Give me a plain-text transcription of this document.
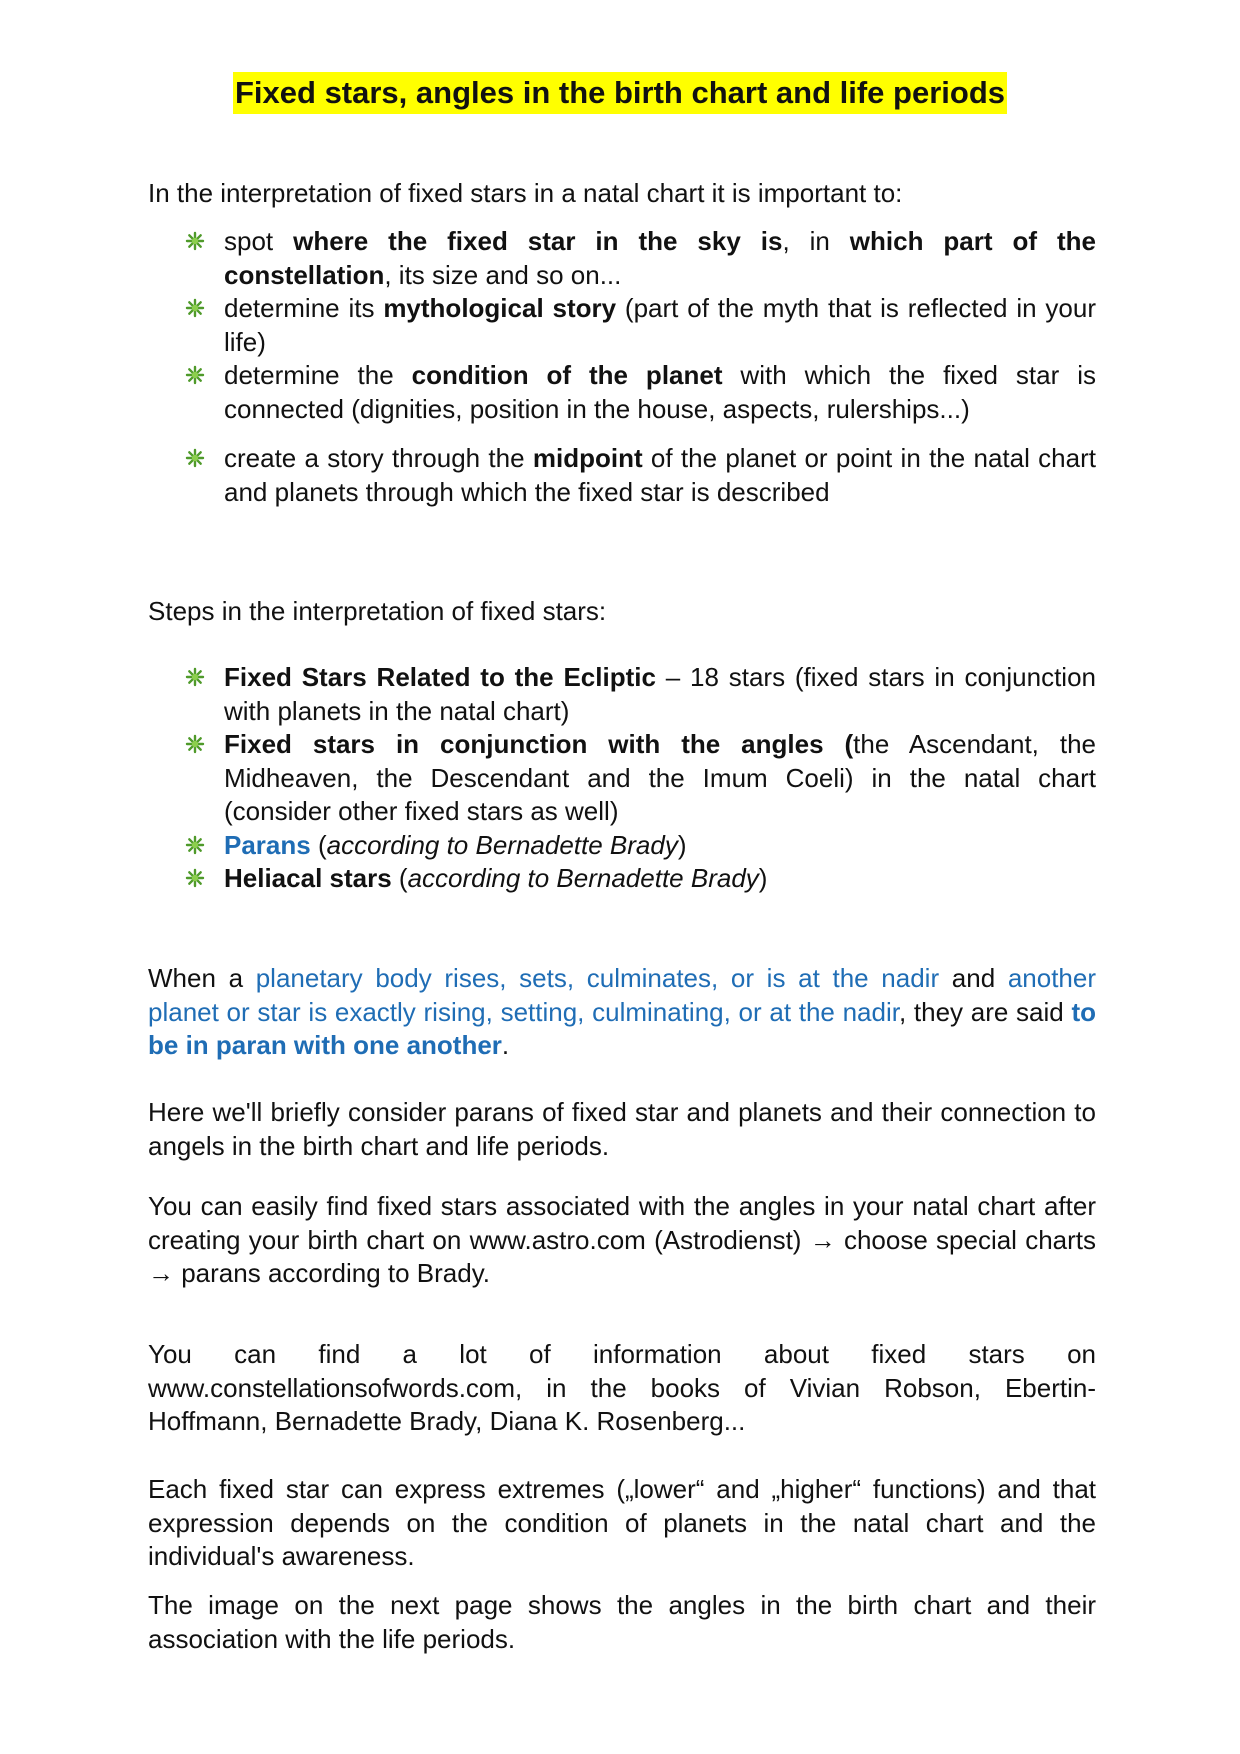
Fixed stars, angles in the birth chart and life periods
In the interpretation of fixed stars in a natal chart it is important to:
spot where the fixed star in the sky is, in which part of the constellation, its size and so on...
determine its mythological story (part of the myth that is reflected in your life)
determine the condition of the planet with which the fixed star is connected (dignities, position in the house, aspects, rulerships...)
create a story through the midpoint of the planet or point in the natal chart and planets through which the fixed star is described
Steps in the interpretation of fixed stars:
Fixed Stars Related to the Ecliptic – 18 stars (fixed stars in conjunction with planets in the natal chart)
Fixed stars in conjunction with the angles (the Ascendant, the Midheaven, the Descendant and the Imum Coeli) in the natal chart (consider other fixed stars as well)
Parans (according to Bernadette Brady)
Heliacal stars (according to Bernadette Brady)
When a planetary body rises, sets, culminates, or is at the nadir and another planet or star is exactly rising, setting, culminating, or at the nadir, they are said to be in paran with one another.
Here we'll briefly consider parans of fixed star and planets and their connection to angels in the birth chart and life periods.
You can easily find fixed stars associated with the angles in your natal chart after creating your birth chart on www.astro.com (Astrodienst) → choose special charts → parans according to Brady.
You can find a lot of information about fixed stars on www.constellationsofwords.com, in the books of Vivian Robson, Ebertin-Hoffmann, Bernadette Brady, Diana K. Rosenberg...
Each fixed star can express extremes („lower“ and „higher“ functions) and that expression depends on the condition of planets in the natal chart and the individual's awareness.
The image on the next page shows the angles in the birth chart and their association with the life periods.
